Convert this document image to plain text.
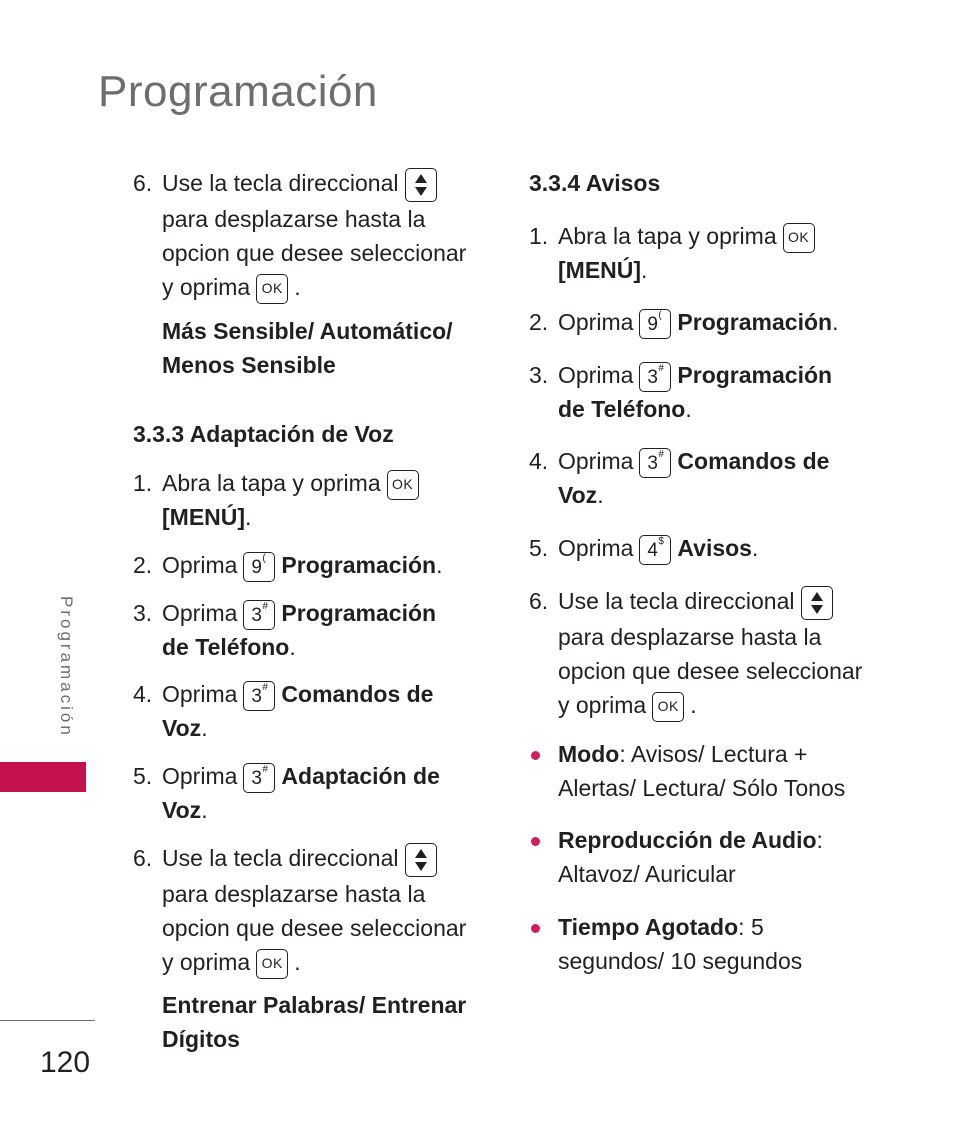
Programación
6. Use la tecla direccional
para desplazarse hasta la
opcion que desee seleccionar
y oprima OK .
Más Sensible/ Automático/
Menos Sensible
3.3.3 Adaptación de Voz
1. Abra la tapa y oprima OK
[MENÚ].
2. Oprima 9 ( Programación.
3. Oprima 3 # Programación
de Teléfono.
4. Oprima 3 # Comandos de
Voz.
5. Oprima 3 # Adaptación de
Voz.
6. Use la tecla direccional
para desplazarse hasta la
opcion que desee seleccionar
y oprima OK .
Entrenar Palabras/ Entrenar
Dígitos
3.3.4 Avisos
1. Abra la tapa y oprima OK
[MENÚ].
2. Oprima 9 ( Programación.
3. Oprima 3 # Programación
de Teléfono.
4. Oprima 3 # Comandos de
Voz.
5. Oprima 4 $ Avisos.
6. Use la tecla direccional
para desplazarse hasta la
opcion que desee seleccionar
y oprima OK .
Modo: Avisos/ Lectura +
Alertas/ Lectura/ Sólo Tonos
Reproducción de Audio:
Altavoz/ Auricular
Tiempo Agotado: 5
segundos/ 10 segundos
Programación
120
